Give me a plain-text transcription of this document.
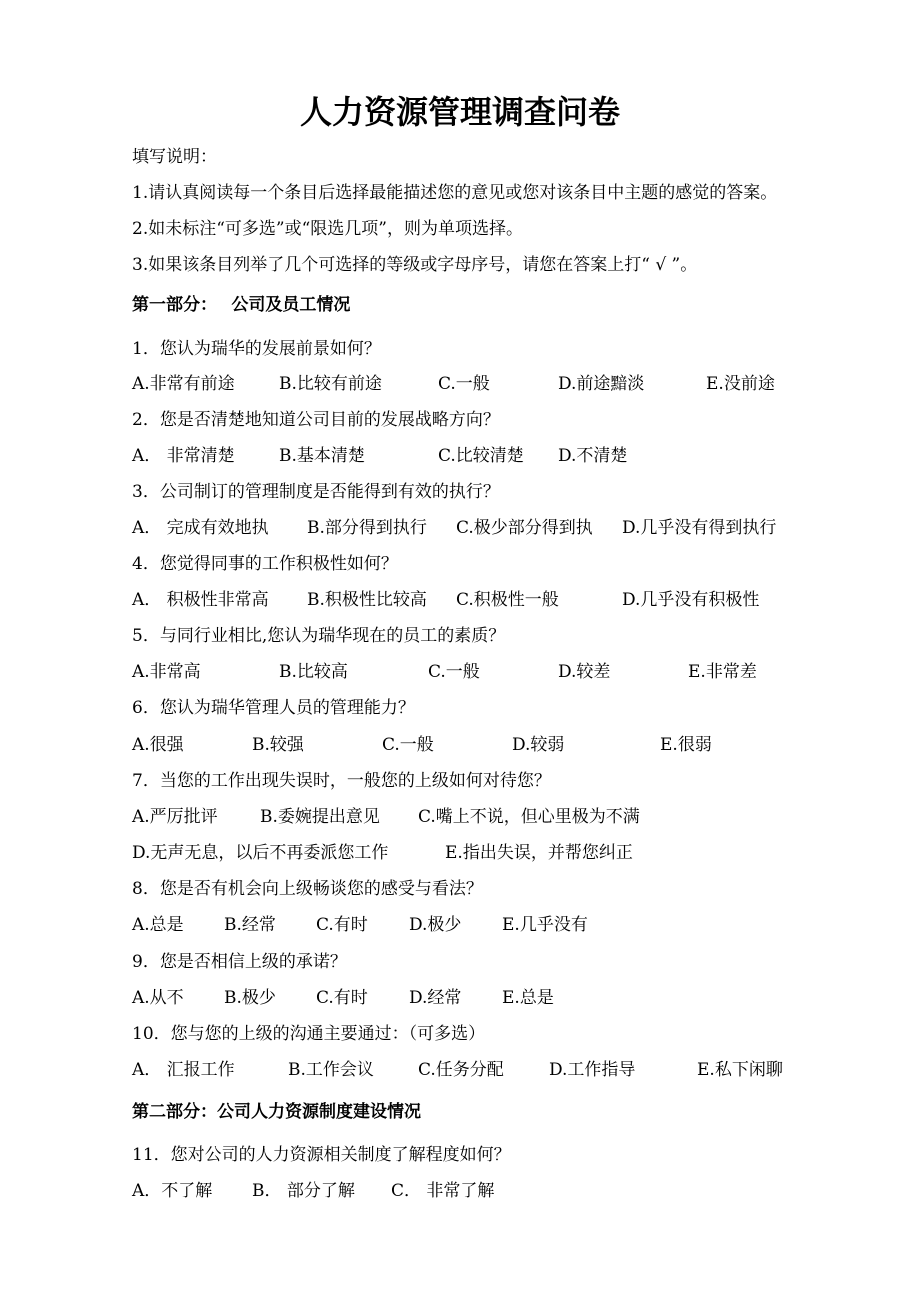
人力资源管理调查问卷
填写说明：
1.请认真阅读每一个条目后选择最能描述您的意见或您对该条目中主题的感觉的答案。
2.如未标注“可多选”或“限选几项”，则为单项选择。
3.如果该条目列举了几个可选择的等级或字母序号，请您在答案上打“ √ ”。
第一部分：　 公司及员工情况
1．您认为瑞华的发展前景如何？
A.非常有前途	B.比较有前途	C.一般	D.前途黯淡	E.没前途
2．您是否清楚地知道公司目前的发展战略方向？
A． 非常清楚	B.基本清楚	C.比较清楚 D.不清楚
3．公司制订的管理制度是否能得到有效的执行？
A． 完成有效地执 B.部分得到执行 C.极少部分得到执 D.几乎没有得到执行
4．您觉得同事的工作积极性如何？
A． 积极性非常高 B.积极性比较高 C.积极性一般	D.几乎没有积极性
5．与同行业相比,您认为瑞华现在的员工的素质？
A.非常高	B.比较高	C.一般	D.较差	E.非常差
6．您认为瑞华管理人员的管理能力？
A.很强	B.较强	C.一般	D.较弱	E.很弱
7．当您的工作出现失误时，一般您的上级如何对待您？
A.严厉批评 B.委婉提出意见 C.嘴上不说，但心里极为不满
D.无声无息，以后不再委派您工作	E.指出失误，并帮您纠正
8．您是否有机会向上级畅谈您的感受与看法？
A.总是 B.经常 C.有时 D.极少 E.几乎没有
9．您是否相信上级的承诺？
A.从不 B.极少 C.有时 D.经常 E.总是
10．您与您的上级的沟通主要通过：（可多选）
A． 汇报工作	B.工作会议	C.任务分配	D.工作指导	E.私下闲聊
第二部分：公司人力资源制度建设情况
11．您对公司的人力资源相关制度了解程度如何？
A．不了解 B． 部分了解 C． 非常了解
